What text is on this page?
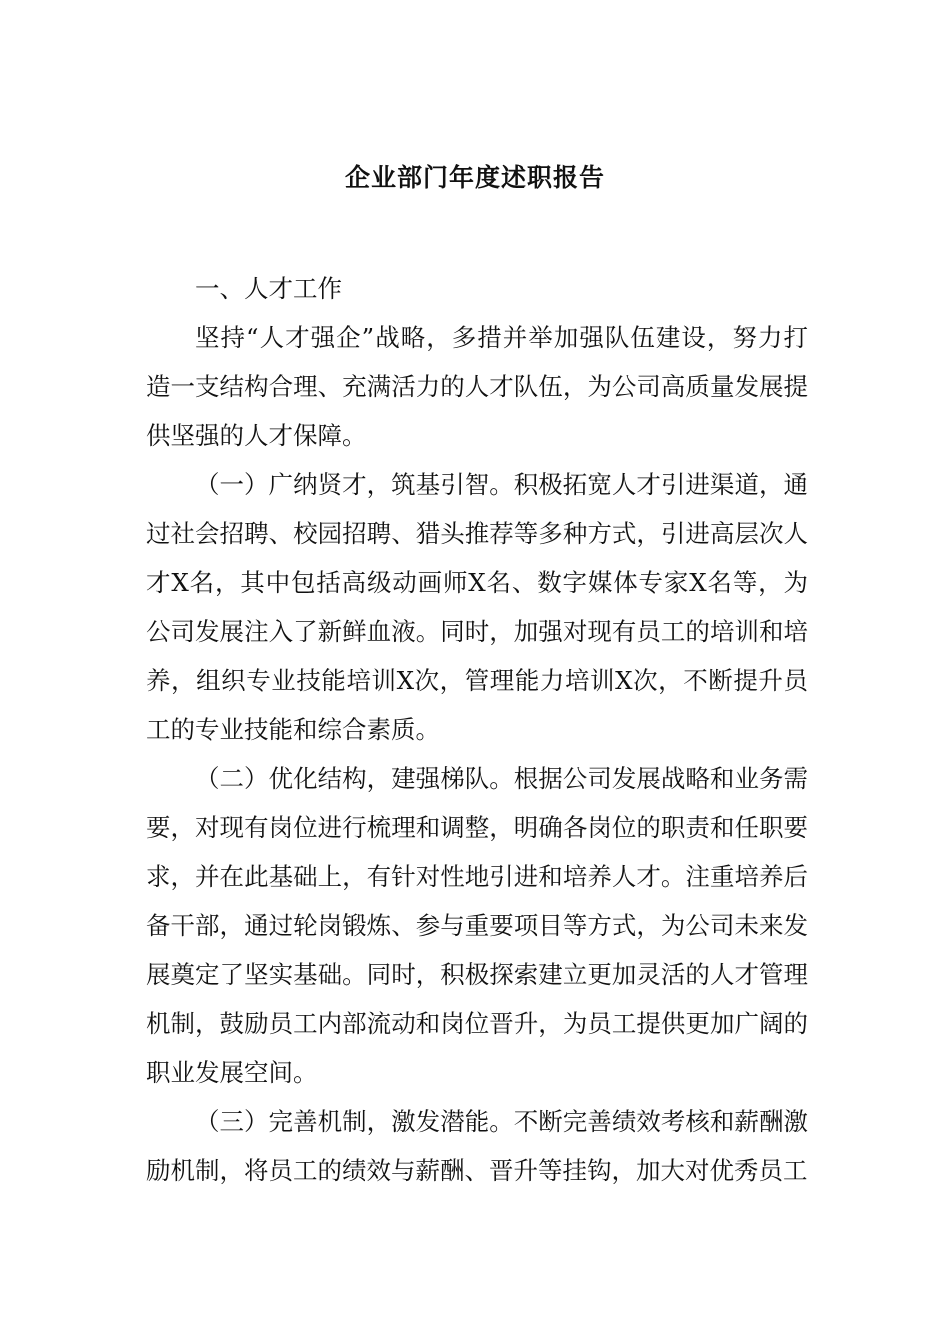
企业部门年度述职报告

一、人才工作

坚持“人才强企”战略，多措并举加强队伍建设，努力打造一支结构合理、充满活力的人才队伍，为公司高质量发展提供坚强的人才保障。

（一）广纳贤才，筑基引智。积极拓宽人才引进渠道，通过社会招聘、校园招聘、猎头推荐等多种方式，引进高层次人才X名，其中包括高级动画师X名、数字媒体专家X名等，为公司发展注入了新鲜血液。同时，加强对现有员工的培训和培养，组织专业技能培训X次，管理能力培训X次，不断提升员工的专业技能和综合素质。

（二）优化结构，建强梯队。根据公司发展战略和业务需要，对现有岗位进行梳理和调整，明确各岗位的职责和任职要求，并在此基础上，有针对性地引进和培养人才。注重培养后备干部，通过轮岗锻炼、参与重要项目等方式，为公司未来发展奠定了坚实基础。同时，积极探索建立更加灵活的人才管理机制，鼓励员工内部流动和岗位晋升，为员工提供更加广阔的职业发展空间。

（三）完善机制，激发潜能。不断完善绩效考核和薪酬激励机制，将员工的绩效与薪酬、晋升等挂钩，加大对优秀员工
